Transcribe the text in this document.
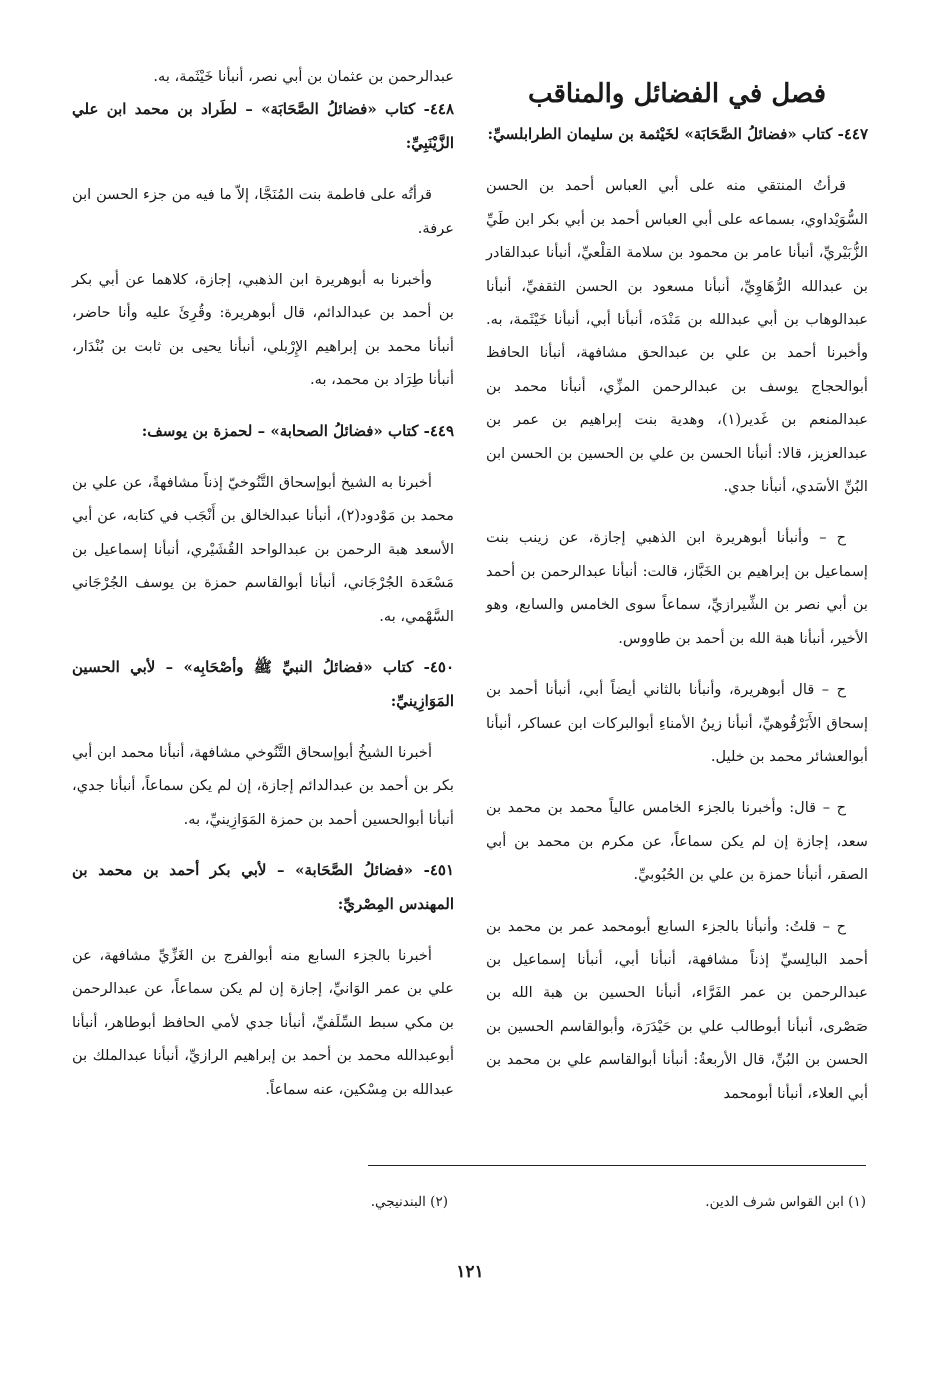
فصل في الفضائل والمناقب

٤٤٧- كتاب «فضائلُ الصَّحَابَة» لخَيْثمة بن سليمان الطرابلسيِّ:

قرأتُ المنتقي منه على أبي العباس أحمد بن الحسن السُّوَيْداوي، بسماعه على أبي العباس أحمد بن أبي بكر ابن طَيِّ الزُّبَيْريِّ، أنبأنا عامر بن محمود بن سلامة القلْعيِّ، أنبأنا عبدالقادر بن عبدالله الرُّهَاوِيِّ، أنبأنا مسعود بن الحسن الثقفيِّ، أنبأنا عبدالوهاب بن أبي عبدالله بن مَنْدَه، أنبأنا أبي، أنبأنا خَيْثَمة، به. وأخبرنا أحمد بن علي بن عبدالحق مشافهة، أنبأنا الحافظ أبوالحجاج يوسف بن عبدالرحمن المزِّي، أنبأنا محمد بن عبدالمنعم بن غَدير(١)، وهدية بنت إبراهيم بن عمر بن عبدالعزيز، قالا: أنبأنا الحسن بن علي بن الحسين بن الحسن ابن البُنِّ الأسَدي، أنبأنا جدي.

ح – وأنبأنا أبوهريرة ابن الذهبي إجازة، عن زينب بنت إسماعيل بن إبراهيم بن الخَبَّاز، قالت: أنبأنا عبدالرحمن بن أحمد بن أبي نصر بن الشِّيرازيِّ، سماعاً سوى الخامس والسابع، وهو الأخير، أنبأنا هبة الله بن أحمد بن طاووس.

ح – قال أبوهريرة، وأنبأنا بالثاني أيضاً أبي، أنبأنا أحمد بن إسحاق الأَبَرْقُوهيِّ، أنبأنا زينُ الأمناءِ أبوالبركات ابن عساكر، أنبأنا أبوالعشائر محمد بن خليل.

ح – قال: وأخبرنا بالجزء الخامس عالياً محمد بن محمد بن سعد، إجازة إن لم يكن سماعاً، عن مكرم بن محمد بن أبي الصقر، أنبأنا حمزة بن علي بن الحُبُوبيِّ.

ح – قلتُ: وأنبأنا بالجزء السابع أبومحمد عمر بن محمد بن أحمد البالِسيِّ إذناً مشافهة، أنبأنا أبي، أنبأنا إسماعيل بن عبدالرحمن بن عمر الفَرَّاء، أنبأنا الحسين بن هبة الله بن صَصْرى، أنبأنا أبوطالب علي بن حَيْدَرَة، وأبوالقاسم الحسين بن الحسن بن البُنِّ، قال الأربعةُ: أنبأنا أبوالقاسم علي بن محمد بن أبي العلاء، أنبأنا أبومحمد

عبدالرحمن بن عثمان بن أبي نصر، أنبأنا خَيْثَمة، به.

٤٤٨- كتاب «فضائلُ الصَّحَابَة» – لطَراد بن محمد ابن علي الزَّيْنَبِيِّ:

قرأتُه على فاطمة بنت المُنَجَّا، إلاّ ما فيه من جزء الحسن ابن عرفة.

وأخبرنا به أبوهريرة ابن الذهبي، إجازة، كلاهما عن أبي بكر بن أحمد بن عبدالدائم، قال أبوهريرة: وقُرِئَ عليه وأنا حاضر، أنبأنا محمد بن إبراهيم الإِرْبلي، أنبأنا يحيى بن ثابت بن بُنْدَار، أنبأنا طِرَاد بن محمد، به.

٤٤٩- كتاب «فضائلُ الصحابة» – لحمزة بن يوسف:

أخبرنا به الشيخ أبوإسحاق التَّنُوخيّ إذناً مشافهةً، عن علي بن محمد بن مَوْدود(٢)، أنبأنا عبدالخالق بن أَنْجَب في كتابه، عن أبي الأسعد هبة الرحمن بن عبدالواحد القُشَيْري، أنبأنا إسماعيل بن مَسْعَدة الجُرْجَاني، أنبأنا أبوالقاسم حمزة بن يوسف الجُرْجَاني السَّهْمي، به.

٤٥٠- كتاب «فضائلُ النبيِّ ﷺ وأصْحَابِه» – لأبي الحسين المَوَازِينيِّ:

أخبرنا الشيخُ أبوإسحاق التَّنُوخي مشافهة، أنبأنا محمد ابن أبي بكر بن أحمد بن عبدالدائم إجازة، إن لم يكن سماعاً، أنبأنا جدي، أنبأنا أبوالحسين أحمد بن حمزة المَوَازِينيِّ، به.

٤٥١- «فضائلُ الصَّحَابة» – لأبي بكر أحمد بن محمد بن المهندس المِصْريِّ:

أخبرنا بالجزء السابع منه أبوالفرج بن الغَزِّيِّ مشافهة، عن علي بن عمر الوَانيِّ، إجازة إن لم يكن سماعاً، عن عبدالرحمن بن مكي سبط السِّلَفيِّ، أنبأنا جدي لأمي الحافظ أبوطاهر، أنبأنا أبوعبدالله محمد بن أحمد بن إبراهيم الرازيِّ، أنبأنا عبدالملك بن عبدالله بن مِسْكين، عنه سماعاً.

(١) ابن القواس شرف الدين.
(٢) البندنيجي.
١٢١
